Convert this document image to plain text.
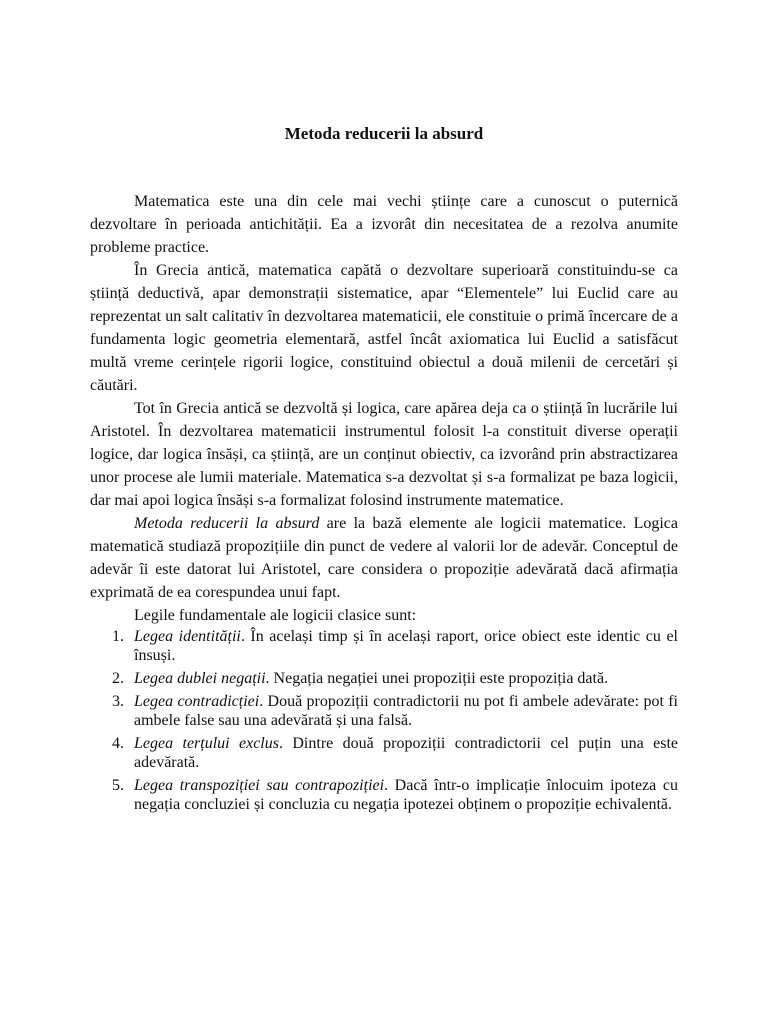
Metoda reducerii la absurd

Matematica este una din cele mai vechi științe care a cunoscut o puternică dezvoltare în perioada antichității. Ea a izvorât din necesitatea de a rezolva anumite probleme practice.

În Grecia antică, matematica capătă o dezvoltare superioară constituindu-se ca știință deductivă, apar demonstrații sistematice, apar “Elementele” lui Euclid care au reprezentat un salt calitativ în dezvoltarea matematicii, ele constituie o primă încercare de a fundamenta logic geometria elementară, astfel încât axiomatica lui Euclid a satisfăcut multă vreme cerințele rigorii logice, constituind obiectul a două milenii de cercetări și căutări.

Tot în Grecia antică se dezvoltă și logica, care apărea deja ca o știință în lucrările lui Aristotel. În dezvoltarea matematicii instrumentul folosit l-a constituit diverse operații logice, dar logica însăși, ca știință, are un conținut obiectiv, ca izvorând prin abstractizarea unor procese ale lumii materiale. Matematica s-a dezvoltat și s-a formalizat pe baza logicii, dar mai apoi logica însăși s-a formalizat folosind instrumente matematice.

Metoda reducerii la absurd are la bază elemente ale logicii matematice. Logica matematică studiază propozițiile din punct de vedere al valorii lor de adevăr. Conceptul de adevăr îi este datorat lui Aristotel, care considera o propoziție adevărată dacă afirmația exprimată de ea corespundea unui fapt.

Legile fundamentale ale logicii clasice sunt:

1. Legea identității. În același timp și în același raport, orice obiect este identic cu el însuși.
2. Legea dublei negații. Negația negației unei propoziții este propoziția dată.
3. Legea contradicției. Două propoziții contradictorii nu pot fi ambele adevărate: pot fi ambele false sau una adevărată și una falsă.
4. Legea terțului exclus. Dintre două propoziții contradictorii cel puțin una este adevărată.
5. Legea transpoziției sau contrapoziției. Dacă într-o implicație înlocuim ipoteza cu negația concluziei și concluzia cu negația ipotezei obținem o propoziție echivalentă.
